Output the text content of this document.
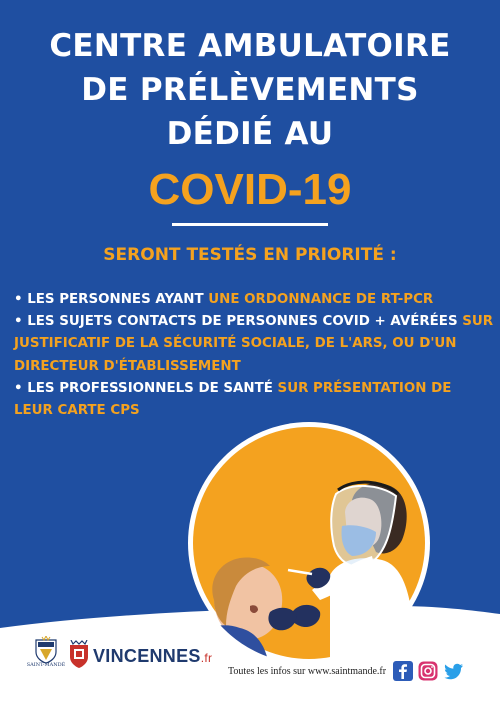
CENTRE AMBULATOIRE
DE PRÉLÈVEMENTS
DÉDIÉ AU
COVID-19
SERONT TESTÉS EN PRIORITÉ :

• LES PERSONNES AYANT UNE ORDONNANCE DE RT-PCR

• LES SUJETS CONTACTS DE PERSONNES COVID + AVÉRÉES SUR JUSTIFICATIF DE LA SÉCURITÉ SOCIALE, DE L'ARS, OU D'UN DIRECTEUR D'ÉTABLISSEMENT

• LES PROFESSIONNELS DE SANTÉ SUR PRÉSENTATION DE LEUR CARTE CPS

SAINT-MANDÉ VINCENNES.fr
Toutes les infos sur www.saintmande.fr
